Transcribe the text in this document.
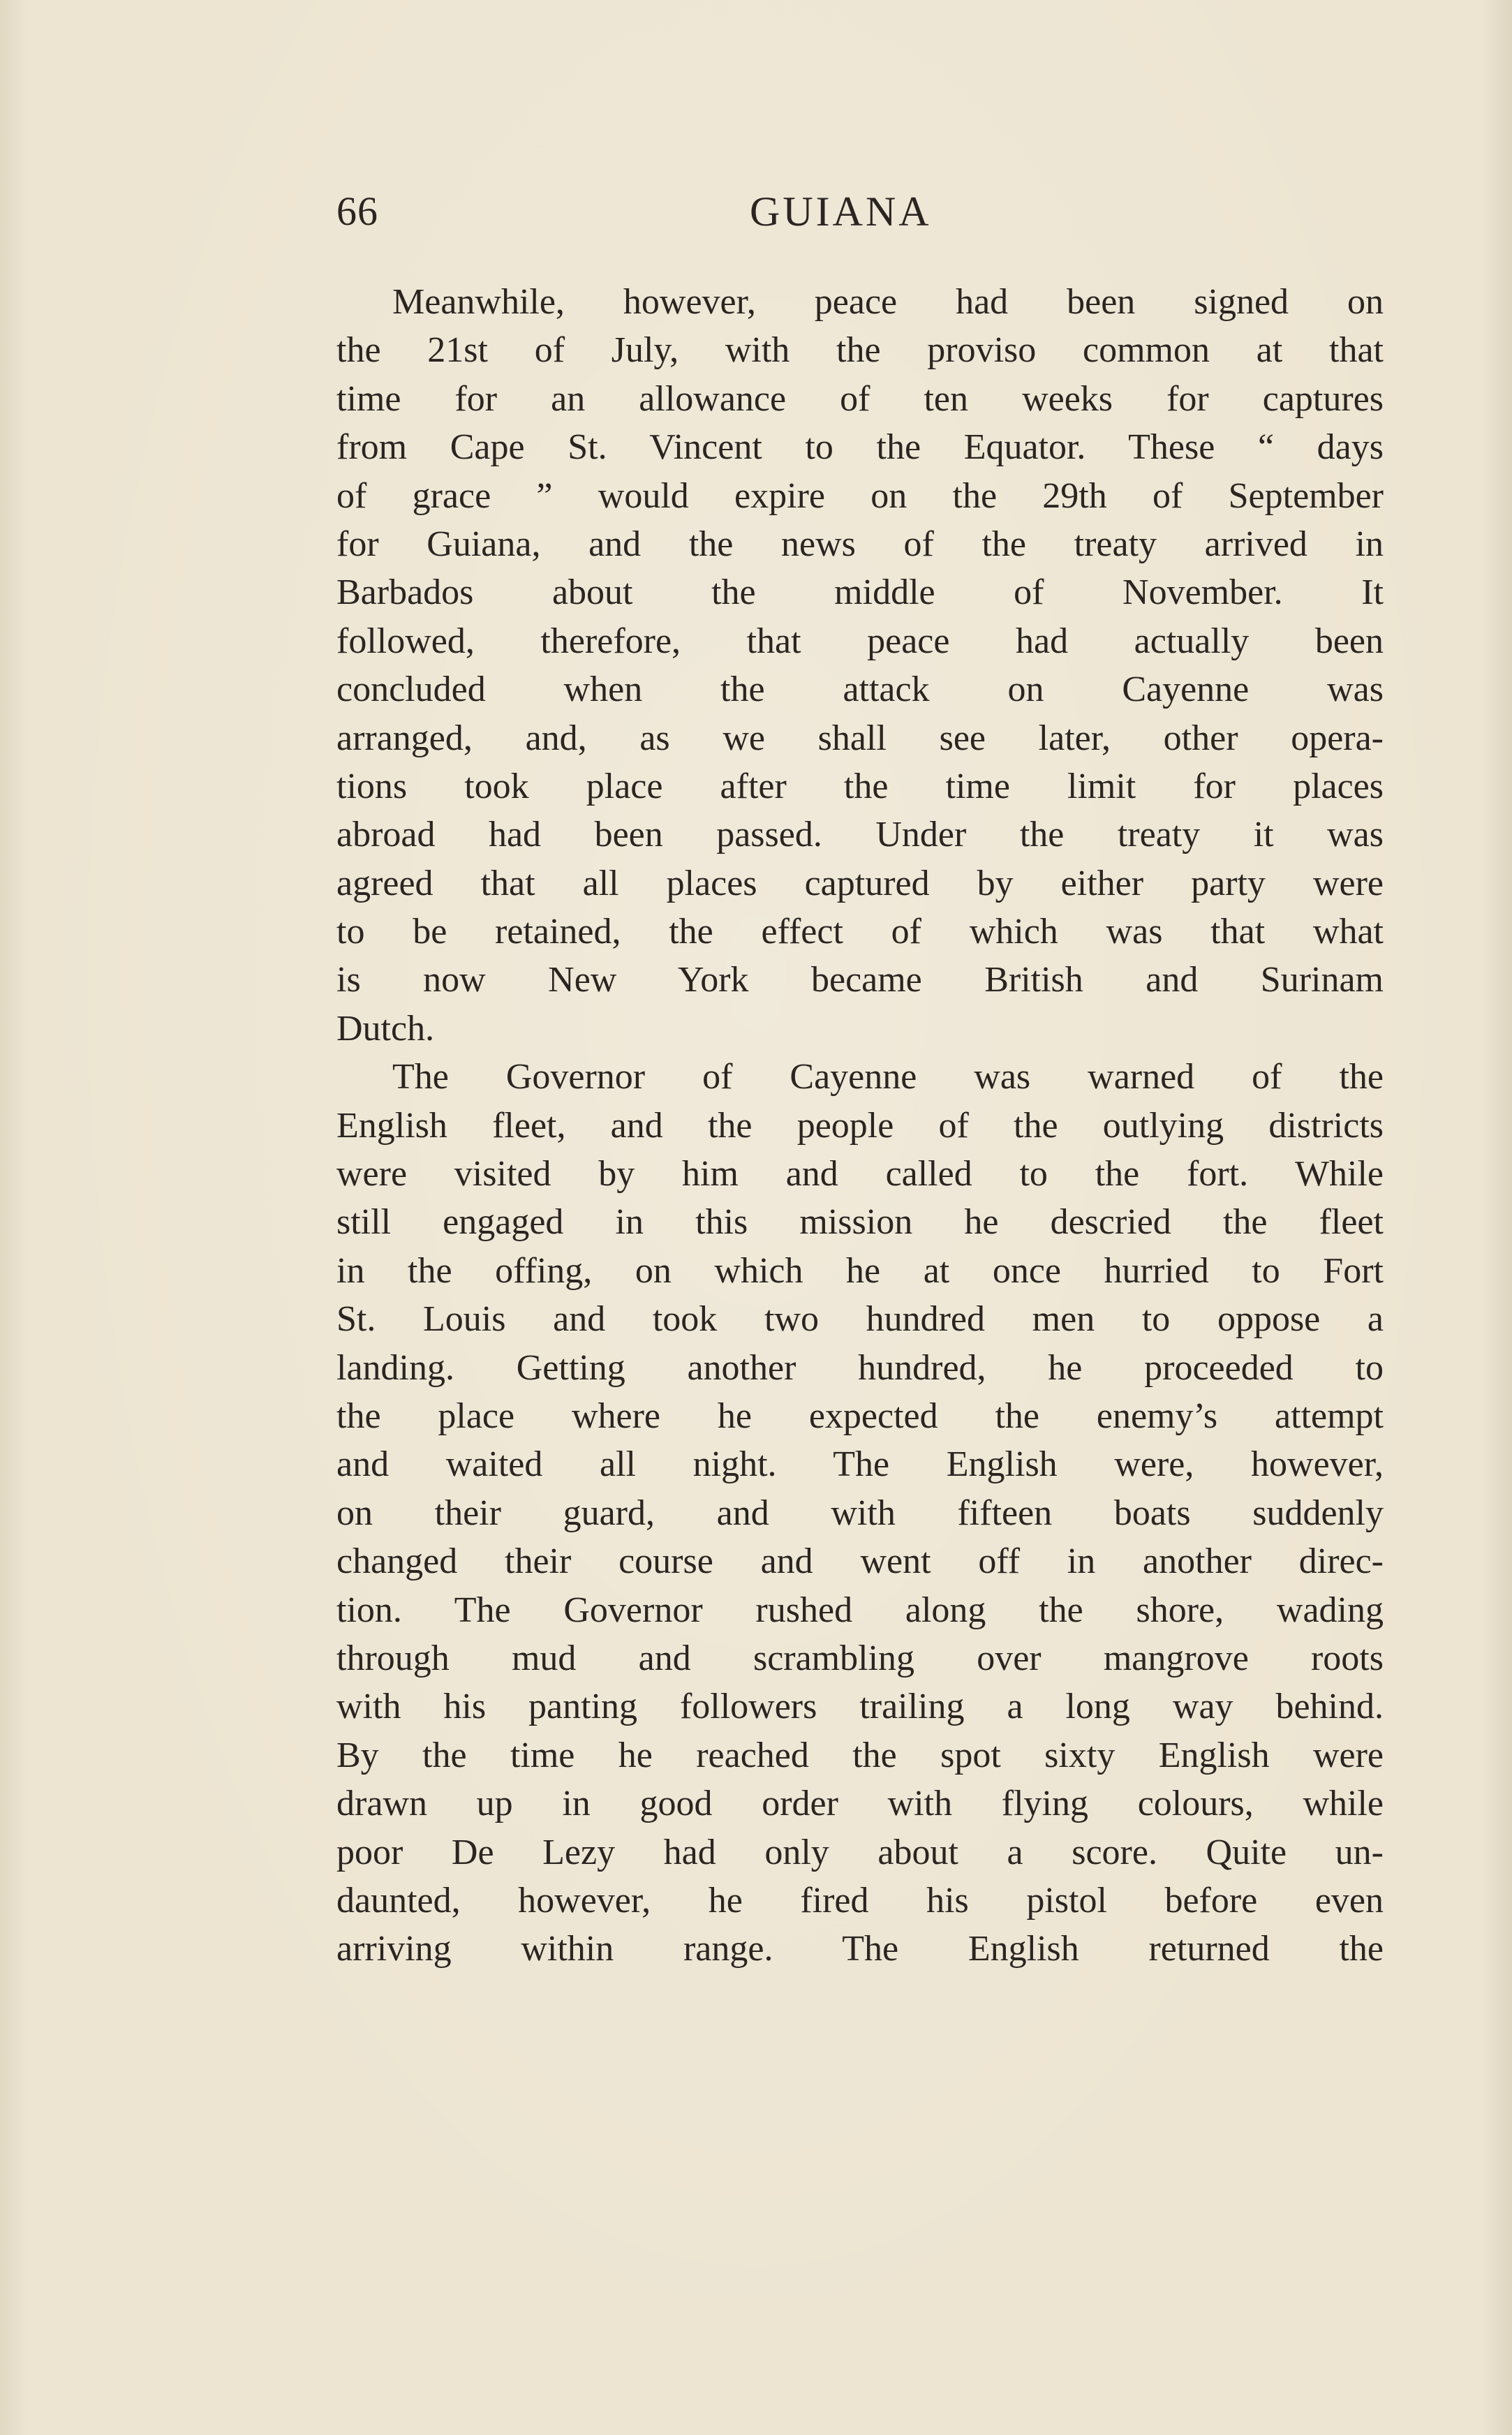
66	GUIANA

Meanwhile, however, peace had been signed on
the 21st of July, with the proviso common at that
time for an allowance of ten weeks for captures
from Cape St. Vincent to the Equator. These “ days
of grace ” would expire on the 29th of September
for Guiana, and the news of the treaty arrived in
Barbados about the middle of November. It
followed, therefore, that peace had actually been
concluded when the attack on Cayenne was
arranged, and, as we shall see later, other opera-
tions took place after the time limit for places
abroad had been passed. Under the treaty it was
agreed that all places captured by either party were
to be retained, the effect of which was that what
is now New York became British and Surinam
Dutch.

The Governor of Cayenne was warned of the
English fleet, and the people of the outlying districts
were visited by him and called to the fort. While
still engaged in this mission he descried the fleet
in the offing, on which he at once hurried to Fort
St. Louis and took two hundred men to oppose a
landing. Getting another hundred, he proceeded to
the place where he expected the enemy’s attempt
and waited all night. The English were, however,
on their guard, and with fifteen boats suddenly
changed their course and went off in another direc-
tion. The Governor rushed along the shore, wading
through mud and scrambling over mangrove roots
with his panting followers trailing a long way behind.
By the time he reached the spot sixty English were
drawn up in good order with flying colours, while
poor De Lezy had only about a score. Quite un-
daunted, however, he fired his pistol before even
arriving within range. The English returned the
